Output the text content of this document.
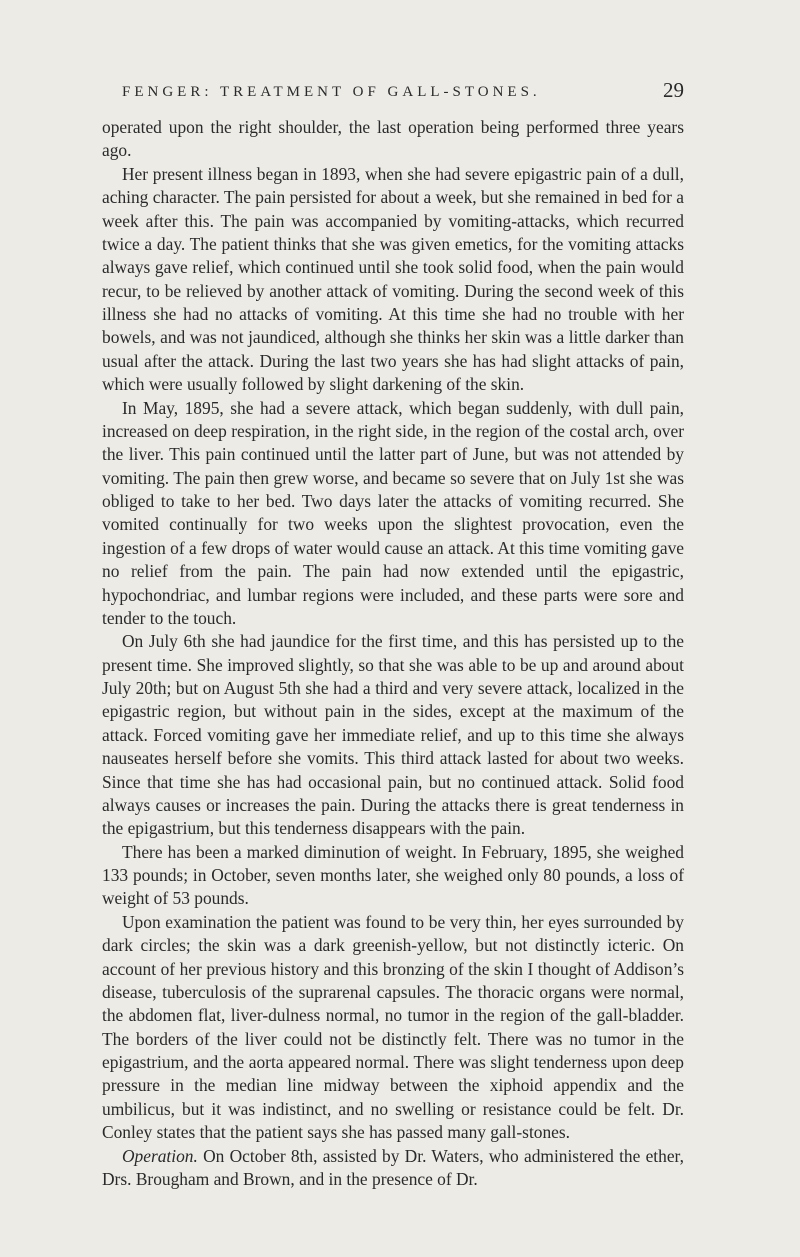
FENGER: TREATMENT OF GALL-STONES.	29

operated upon the right shoulder, the last operation being performed three years ago.

Her present illness began in 1893, when she had severe epigastric pain of a dull, aching character. The pain persisted for about a week, but she remained in bed for a week after this. The pain was accompanied by vomiting-attacks, which recurred twice a day. The patient thinks that she was given emetics, for the vomiting attacks always gave relief, which continued until she took solid food, when the pain would recur, to be relieved by another attack of vomiting. During the second week of this illness she had no attacks of vomiting. At this time she had no trouble with her bowels, and was not jaundiced, although she thinks her skin was a little darker than usual after the attack. During the last two years she has had slight attacks of pain, which were usually followed by slight darkening of the skin.

In May, 1895, she had a severe attack, which began suddenly, with dull pain, increased on deep respiration, in the right side, in the region of the costal arch, over the liver. This pain continued until the latter part of June, but was not attended by vomiting. The pain then grew worse, and became so severe that on July 1st she was obliged to take to her bed. Two days later the attacks of vomiting recurred. She vomited continually for two weeks upon the slightest provocation, even the ingestion of a few drops of water would cause an attack. At this time vomiting gave no relief from the pain. The pain had now extended until the epigastric, hypochondriac, and lumbar regions were included, and these parts were sore and tender to the touch.

On July 6th she had jaundice for the first time, and this has persisted up to the present time. She improved slightly, so that she was able to be up and around about July 20th; but on August 5th she had a third and very severe attack, localized in the epigastric region, but without pain in the sides, except at the maximum of the attack. Forced vomiting gave her immediate relief, and up to this time she always nauseates herself before she vomits. This third attack lasted for about two weeks. Since that time she has had occasional pain, but no continued attack. Solid food always causes or increases the pain. During the attacks there is great tenderness in the epigastrium, but this tenderness disappears with the pain.

There has been a marked diminution of weight. In February, 1895, she weighed 133 pounds; in October, seven months later, she weighed only 80 pounds, a loss of weight of 53 pounds.

Upon examination the patient was found to be very thin, her eyes surrounded by dark circles; the skin was a dark greenish-yellow, but not distinctly icteric. On account of her previous history and this bronzing of the skin I thought of Addison’s disease, tuberculosis of the suprarenal capsules. The thoracic organs were normal, the abdomen flat, liver-dulness normal, no tumor in the region of the gall-bladder. The borders of the liver could not be distinctly felt. There was no tumor in the epigastrium, and the aorta appeared normal. There was slight tenderness upon deep pressure in the median line midway between the xiphoid appendix and the umbilicus, but it was indistinct, and no swelling or resistance could be felt. Dr. Conley states that the patient says she has passed many gall-stones.

Operation. On October 8th, assisted by Dr. Waters, who administered the ether, Drs. Brougham and Brown, and in the presence of Dr.
